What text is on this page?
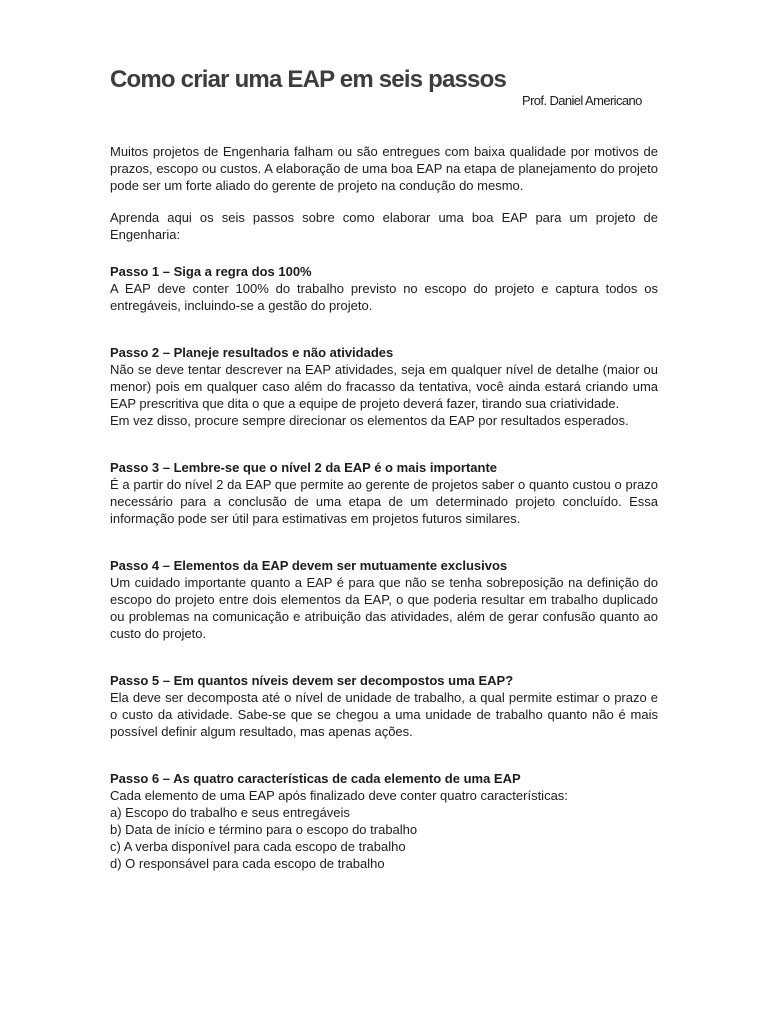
Como criar uma EAP em seis passos
Prof. Daniel Americano

Muitos projetos de Engenharia falham ou são entregues com baixa qualidade por motivos de prazos, escopo ou custos. A elaboração de uma boa EAP na etapa de planejamento do projeto pode ser um forte aliado do gerente de projeto na condução do mesmo.

Aprenda aqui os seis passos sobre como elaborar uma boa EAP para um projeto de Engenharia:

Passo 1 – Siga a regra dos 100%

A EAP deve conter 100% do trabalho previsto no escopo do projeto e captura todos os entregáveis, incluindo-se a gestão do projeto.

Passo 2 – Planeje resultados e não atividades

Não se deve tentar descrever na EAP atividades, seja em qualquer nível de detalhe (maior ou menor) pois em qualquer caso além do fracasso da tentativa, você ainda estará criando uma EAP prescritiva que dita o que a equipe de projeto deverá fazer, tirando sua criatividade.

Em vez disso, procure sempre direcionar os elementos da EAP por resultados esperados.

Passo 3 – Lembre-se que o nível 2 da EAP é o mais importante

É a partir do nível 2 da EAP que permite ao gerente de projetos saber o quanto custou o prazo necessário para a conclusão de uma etapa de um determinado projeto concluído. Essa informação pode ser útil para estimativas em projetos futuros similares.

Passo 4 – Elementos da EAP devem ser mutuamente exclusivos

Um cuidado importante quanto a EAP é para que não se tenha sobreposição na definição do escopo do projeto entre dois elementos da EAP, o que poderia resultar em trabalho duplicado ou problemas na comunicação e atribuição das atividades, além de gerar confusão quanto ao custo do projeto.

Passo 5 – Em quantos níveis devem ser decompostos uma EAP?

Ela deve ser decomposta até o nível de unidade de trabalho, a qual permite estimar o prazo e o custo da atividade. Sabe-se que se chegou a uma unidade de trabalho quanto não é mais possível definir algum resultado, mas apenas ações.

Passo 6 – As quatro características de cada elemento de uma EAP

Cada elemento de uma EAP após finalizado deve conter quatro características:

a) Escopo do trabalho e seus entregáveis
b) Data de início e término para o escopo do trabalho
c) A verba disponível para cada escopo de trabalho
d) O responsável para cada escopo de trabalho
